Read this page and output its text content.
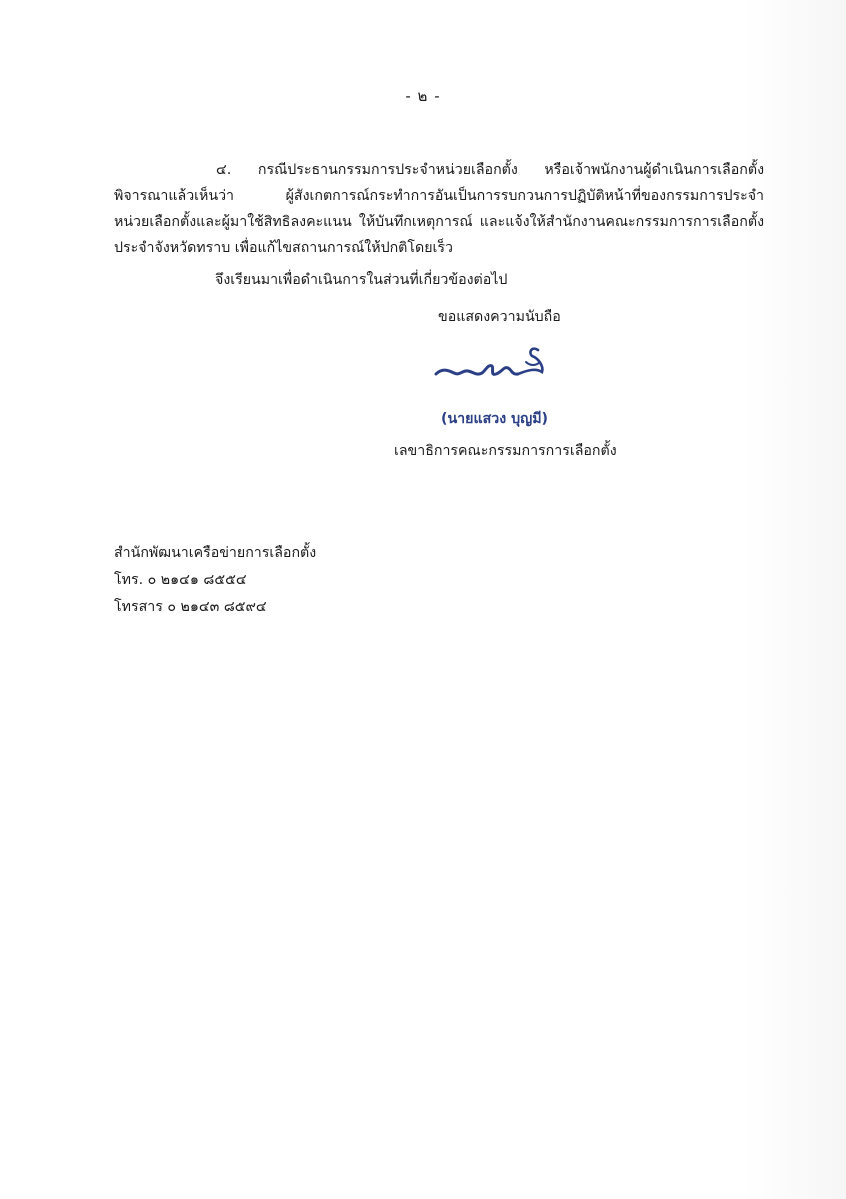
- ๒ -
๔. กรณีประธานกรรมการประจำหน่วยเลือกตั้ง หรือเจ้าพนักงานผู้ดำเนินการเลือกตั้ง
พิจารณาแล้วเห็นว่า ผู้สังเกตการณ์กระทำการอันเป็นการรบกวนการปฏิบัติหน้าที่ของกรรมการประจำ
หน่วยเลือกตั้งและผู้มาใช้สิทธิลงคะแนน ให้บันทึกเหตุการณ์ และแจ้งให้สำนักงานคณะกรรมการการเลือกตั้ง
ประจำจังหวัดทราบ เพื่อแก้ไขสถานการณ์ให้ปกติโดยเร็ว
จึงเรียนมาเพื่อดำเนินการในส่วนที่เกี่ยวข้องต่อไป
ขอแสดงความนับถือ
(นายแสวง บุญมี)
เลขาธิการคณะกรรมการการเลือกตั้ง
สำนักพัฒนาเครือข่ายการเลือกตั้ง
โทร. ๐ ๒๑๔๑ ๘๕๕๔
โทรสาร ๐ ๒๑๔๓ ๘๕๙๔
